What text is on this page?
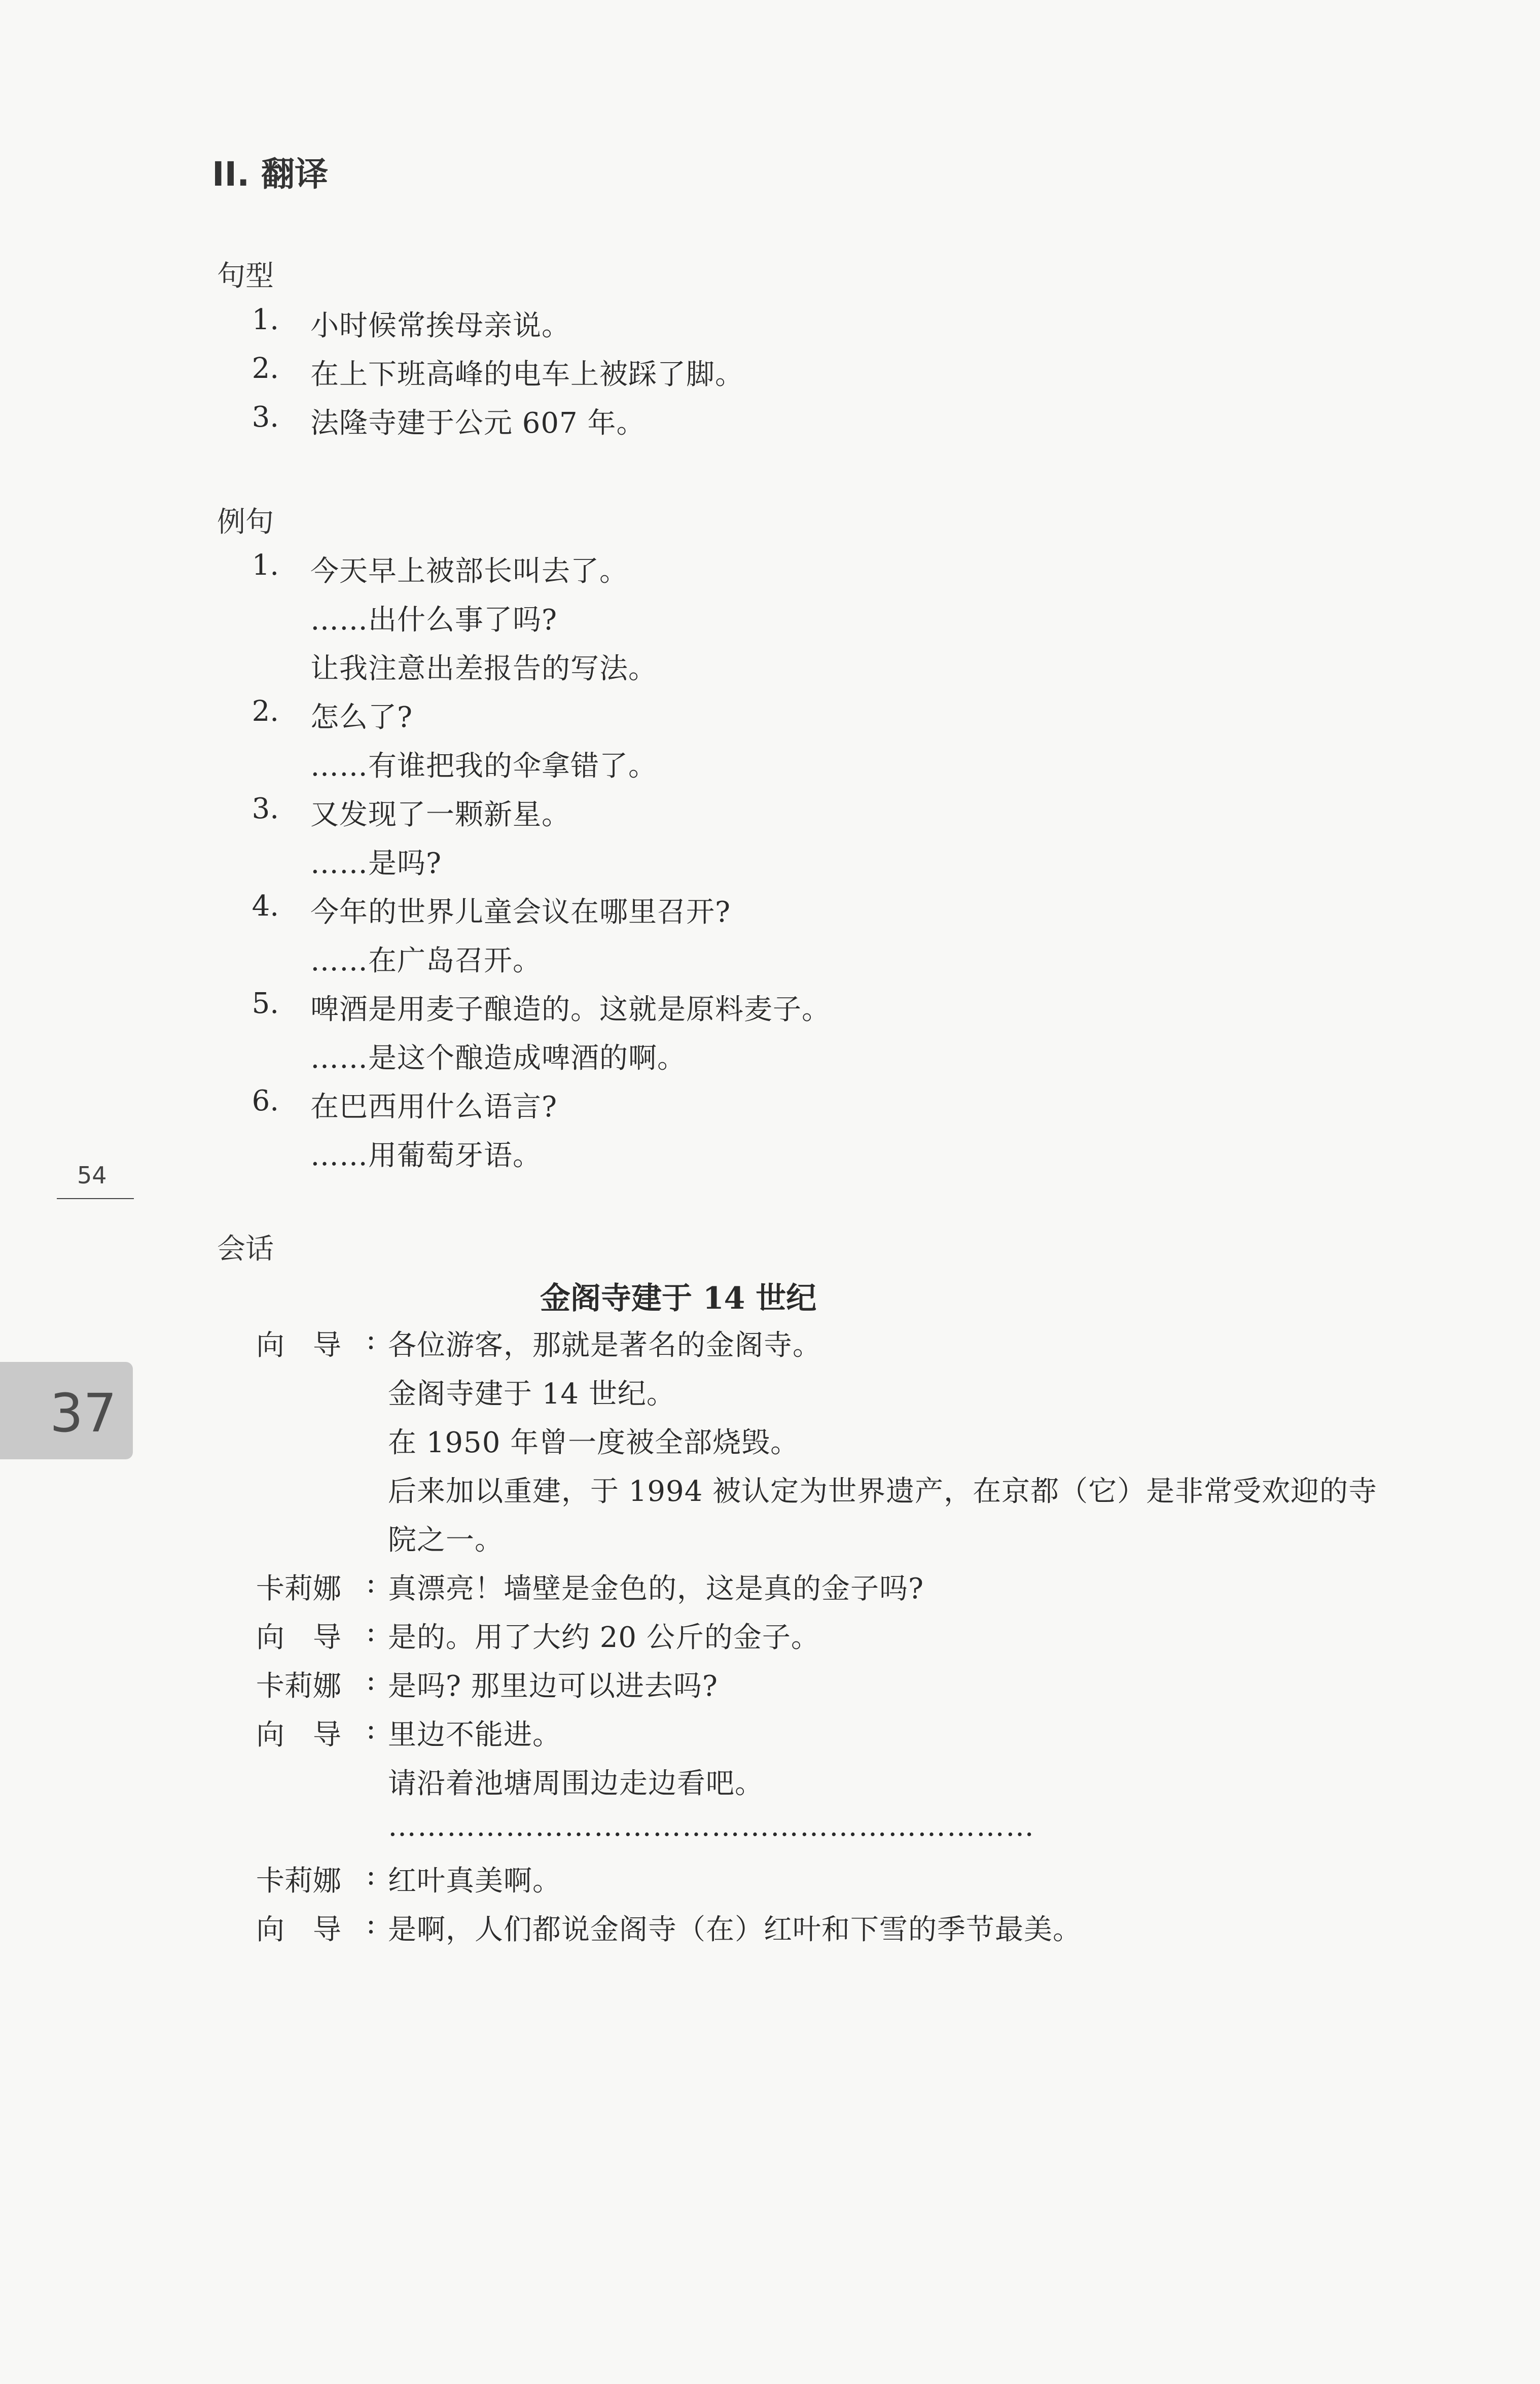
II. 翻译
句型
1. 小时候常挨母亲说。
2. 在上下班高峰的电车上被踩了脚。
3. 法隆寺建于公元 607 年。
例句
1. 今天早上被部长叫去了。
……出什么事了吗?
让我注意出差报告的写法。
2. 怎么了?
……有谁把我的伞拿错了。
3. 又发现了一颗新星。
……是吗?
4. 今年的世界儿童会议在哪里召开?
……在广岛召开。
5. 啤酒是用麦子酿造的。这就是原料麦子。
……是这个酿造成啤酒的啊。
6. 在巴西用什么语言?
……用葡萄牙语。
54
37
会话
金阁寺建于 14 世纪
向　导 : 各位游客，那就是著名的金阁寺。
金阁寺建于 14 世纪。
在 1950 年曾一度被全部烧毁。
后来加以重建，于 1994 被认定为世界遗产，在京都（它）是非常受欢迎的寺
院之一。
卡莉娜 : 真漂亮！墙壁是金色的，这是真的金子吗?
向　导 : 是的。用了大约 20 公斤的金子。
卡莉娜 : 是吗? 那里边可以进去吗?
向　导 : 里边不能进。
请沿着池塘周围边走边看吧。
…………………………………………………………
卡莉娜 : 红叶真美啊。
向　导 : 是啊，人们都说金阁寺（在）红叶和下雪的季节最美。
